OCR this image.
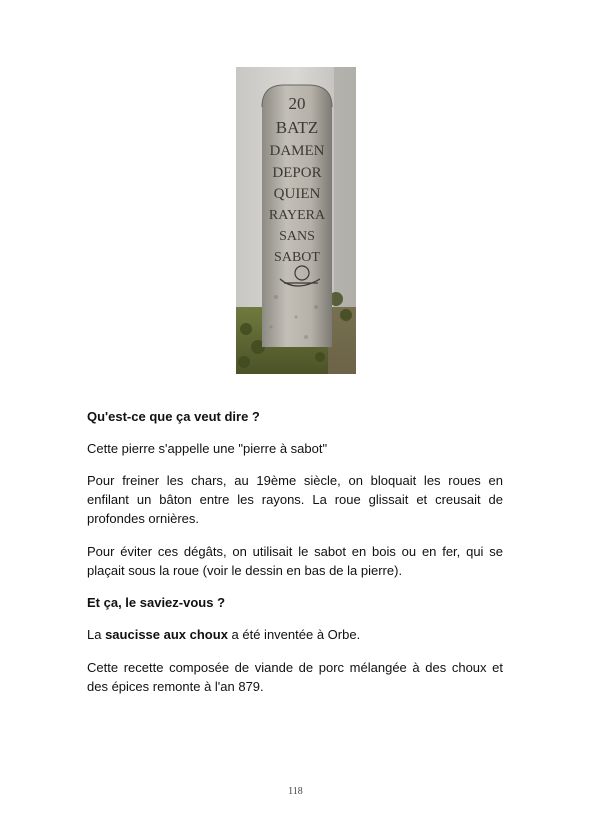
20
BATZ
DAMEN
DEPOR
QUIEN
RAYERA
SANS
SABOT

Qu'est-ce que ça veut dire ?

Cette pierre s'appelle une "pierre à sabot"

Pour freiner les chars, au 19ème siècle, on bloquait les roues en enfilant un bâton entre les rayons. La roue glissait et creusait de profondes ornières.

Pour éviter ces dégâts, on utilisait le sabot en bois ou en fer, qui se plaçait sous la roue (voir le dessin en bas de la pierre).

Et ça, le saviez-vous ?

La saucisse aux choux a été inventée à Orbe.

Cette recette composée de viande de porc mélangée à des choux et des épices remonte à l'an 879.

118
